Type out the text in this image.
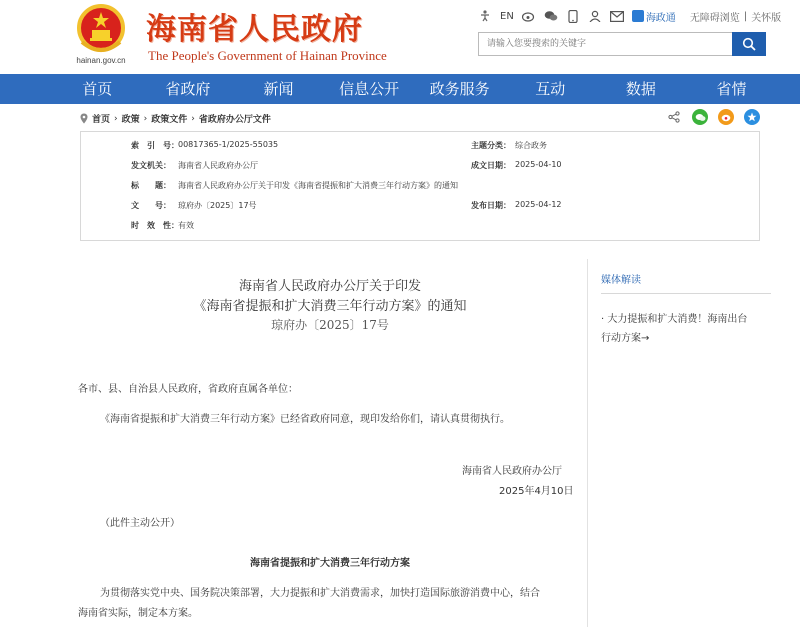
hainan.gov.cn
海南省人民政府
The People's Government of Hainan Province
EN	海政通 无障碍浏览 | 关怀版
请输入您要搜索的关键字
首页	省政府	新闻	信息公开	政务服务	互动	数据	省情
首页 › 政策 › 政策文件 › 省政府办公厅文件
索　引　号： 00817365-1/2025-55035	主题分类： 综合政务
发文机关： 海南省人民政府办公厅	成文日期： 2025-04-10
标　　题： 海南省人民政府办公厅关于印发《海南省提振和扩大消费三年行动方案》的通知
文　　号： 琼府办〔2025〕17号	发布日期： 2025-04-12
时　效　性： 有效
海南省人民政府办公厅关于印发
《海南省提振和扩大消费三年行动方案》的通知
琼府办〔2025〕17号
各市、县、自治县人民政府，省政府直属各单位：
《海南省提振和扩大消费三年行动方案》已经省政府同意，现印发给你们，请认真贯彻执行。
海南省人民政府办公厅
2025年4月10日
（此件主动公开）
海南省提振和扩大消费三年行动方案
为贯彻落实党中央、国务院决策部署，大力提振和扩大消费需求，加快打造国际旅游消费中心，结合
海南省实际，制定本方案。
媒体解读
· 大力提振和扩大消费！海南出台
行动方案→
